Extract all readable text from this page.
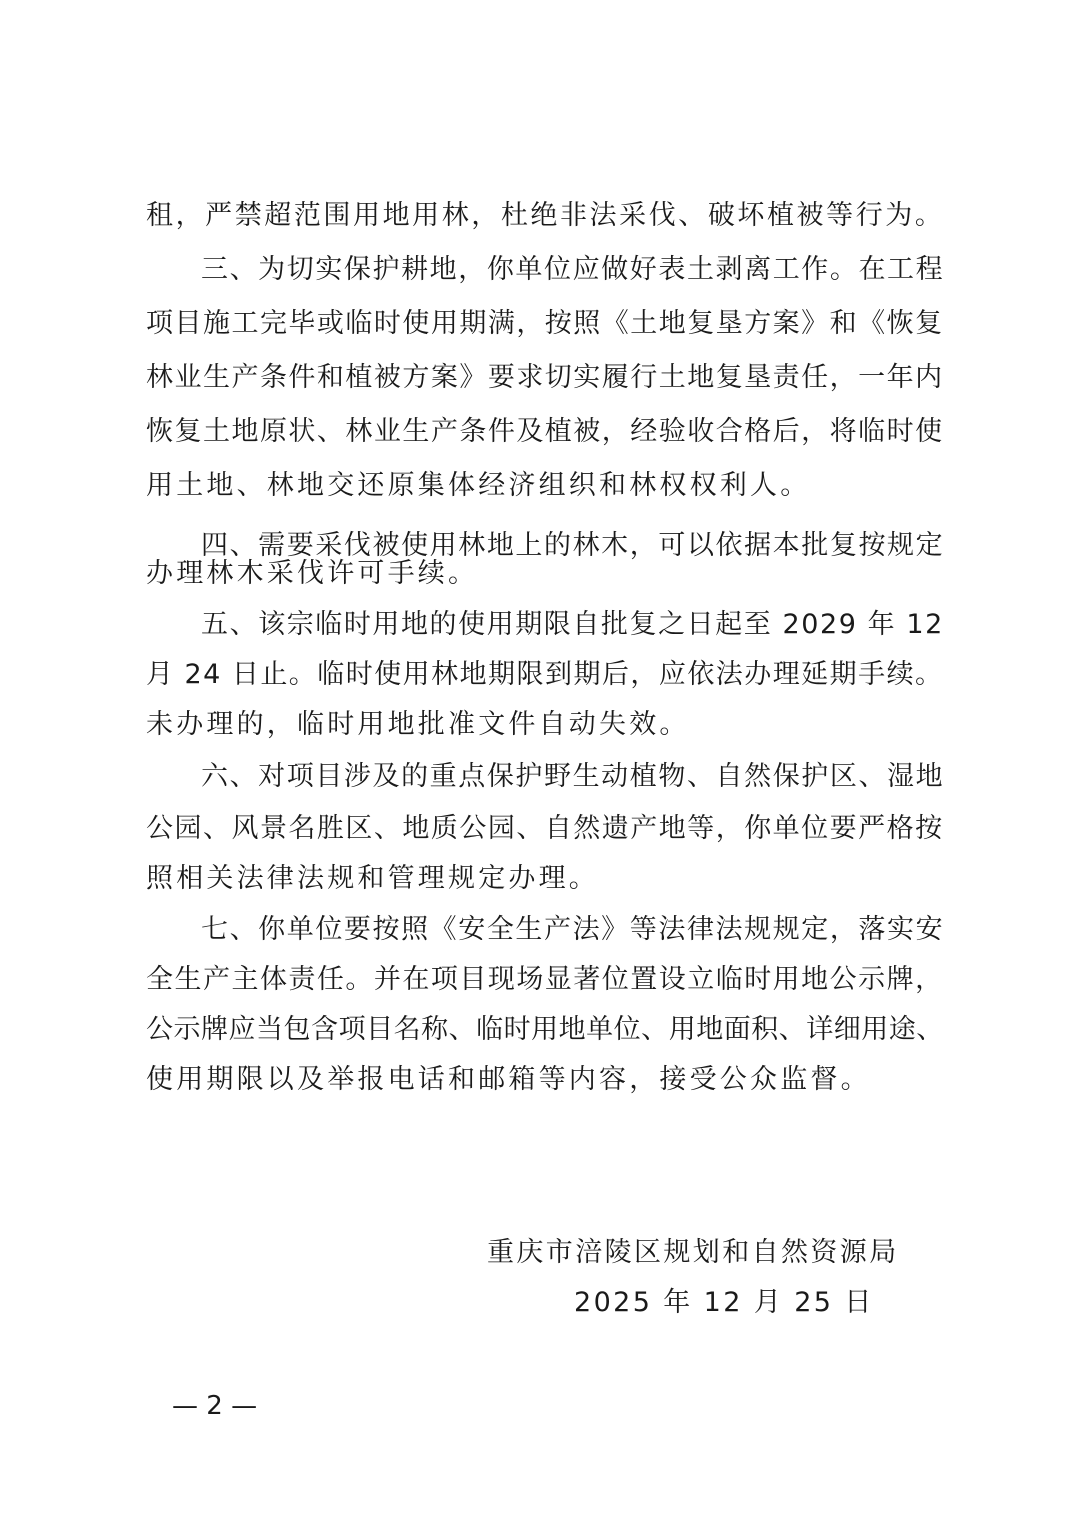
租，严禁超范围用地用林，杜绝非法采伐、破坏植被等行为。
三、为切实保护耕地，你单位应做好表土剥离工作。在工程
项目施工完毕或临时使用期满，按照《土地复垦方案》和《恢复
林业生产条件和植被方案》要求切实履行土地复垦责任，一年内
恢复土地原状、林业生产条件及植被，经验收合格后，将临时使
用土地、林地交还原集体经济组织和林权权利人。
四、需要采伐被使用林地上的林木，可以依据本批复按规定
办理林木采伐许可手续。
五、该宗临时用地的使用期限自批复之日起至 2029 年 12
月 24 日止。临时使用林地期限到期后，应依法办理延期手续。
未办理的，临时用地批准文件自动失效。
六、对项目涉及的重点保护野生动植物、自然保护区、湿地
公园、风景名胜区、地质公园、自然遗产地等，你单位要严格按
照相关法律法规和管理规定办理。
七、你单位要按照《安全生产法》等法律法规规定，落实安
全生产主体责任。并在项目现场显著位置设立临时用地公示牌，
公示牌应当包含项目名称、临时用地单位、用地面积、详细用途、
使用期限以及举报电话和邮箱等内容，接受公众监督。
重庆市涪陵区规划和自然资源局
2025 年 12 月 25 日
— 2 —
